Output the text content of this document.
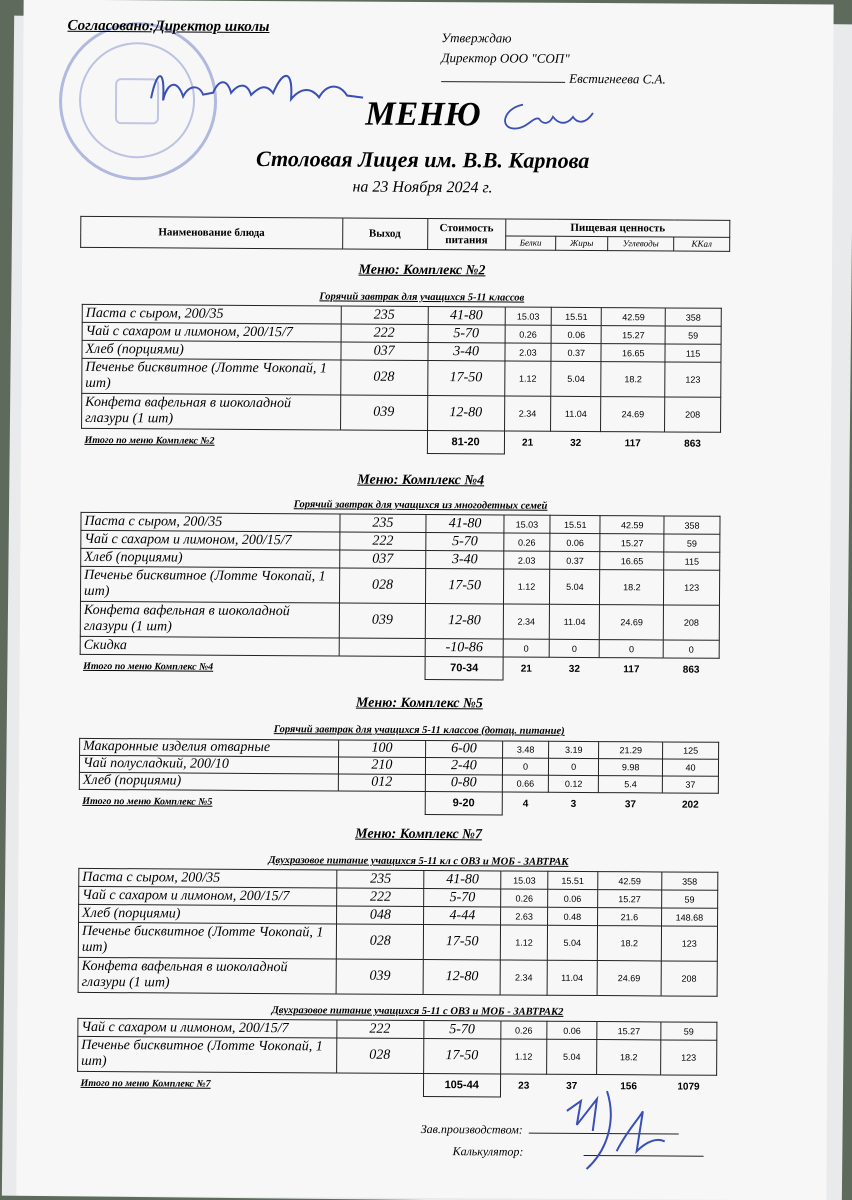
Согласовано:Директор школы
Утверждаю
Директор ООО "СОП"
Евстигнеева С.А.
МЕНЮ
Столовая Лицея им. В.В. Карпова
на 23 Ноября 2024 г.
Наименование блюда	Выход	Стоимость питания	Пищевая ценность			
			Белки	Жиры	Углеводы	ККал
Меню: Комплекс №2
Горячий завтрак для учащихся 5-11 классов
Паста с сыром, 200/35	235	41-80	15.03	15.51	42.59	358
Чай с сахаром и лимоном, 200/15/7	222	5-70	0.26	0.06	15.27	59
Хлеб (порциями)	037	3-40	2.03	0.37	16.65	115
Печенье бисквитное (Лотте Чокопай, 1 шт)	028	17-50	1.12	5.04	18.2	123
Конфета вафельная в шоколадной глазури (1 шт)	039	12-80	2.34	11.04	24.69	208
Итого по меню Комплекс №2		81-20	21	32	117	863
Меню: Комплекс №4
Горячий завтрак для учащихся из многодетных семей
Паста с сыром, 200/35	235	41-80	15.03	15.51	42.59	358
Чай с сахаром и лимоном, 200/15/7	222	5-70	0.26	0.06	15.27	59
Хлеб (порциями)	037	3-40	2.03	0.37	16.65	115
Печенье бисквитное (Лотте Чокопай, 1 шт)	028	17-50	1.12	5.04	18.2	123
Конфета вафельная в шоколадной глазури (1 шт)	039	12-80	2.34	11.04	24.69	208
Скидка		-10-86	0	0	0	0
Итого по меню Комплекс №4		70-34	21	32	117	863
Меню: Комплекс №5
Горячий завтрак для учащихся 5-11 классов (дотац. питание)
Макаронные изделия отварные	100	6-00	3.48	3.19	21.29	125
Чай полусладкий, 200/10	210	2-40	0	0	9.98	40
Хлеб (порциями)	012	0-80	0.66	0.12	5.4	37
Итого по меню Комплекс №5		9-20	4	3	37	202
Меню: Комплекс №7
Двухразовое питание учащихся 5-11 кл с ОВЗ и МОБ - ЗАВТРАК
Паста с сыром, 200/35	235	41-80	15.03	15.51	42.59	358
Чай с сахаром и лимоном, 200/15/7	222	5-70	0.26	0.06	15.27	59
Хлеб (порциями)	048	4-44	2.63	0.48	21.6	148.68
Печенье бисквитное (Лотте Чокопай, 1 шт)	028	17-50	1.12	5.04	18.2	123
Конфета вафельная в шоколадной глазури (1 шт)	039	12-80	2.34	11.04	24.69	208
Двухразовое питание учащихся 5-11 с ОВЗ и МОБ - ЗАВТРАК2
Чай с сахаром и лимоном, 200/15/7	222	5-70	0.26	0.06	15.27	59
Печенье бисквитное (Лотте Чокопай, 1 шт)	028	17-50	1.12	5.04	18.2	123
Итого по меню Комплекс №7		105-44	23	37	156	1079
Зав.производством:
Калькулятор:
